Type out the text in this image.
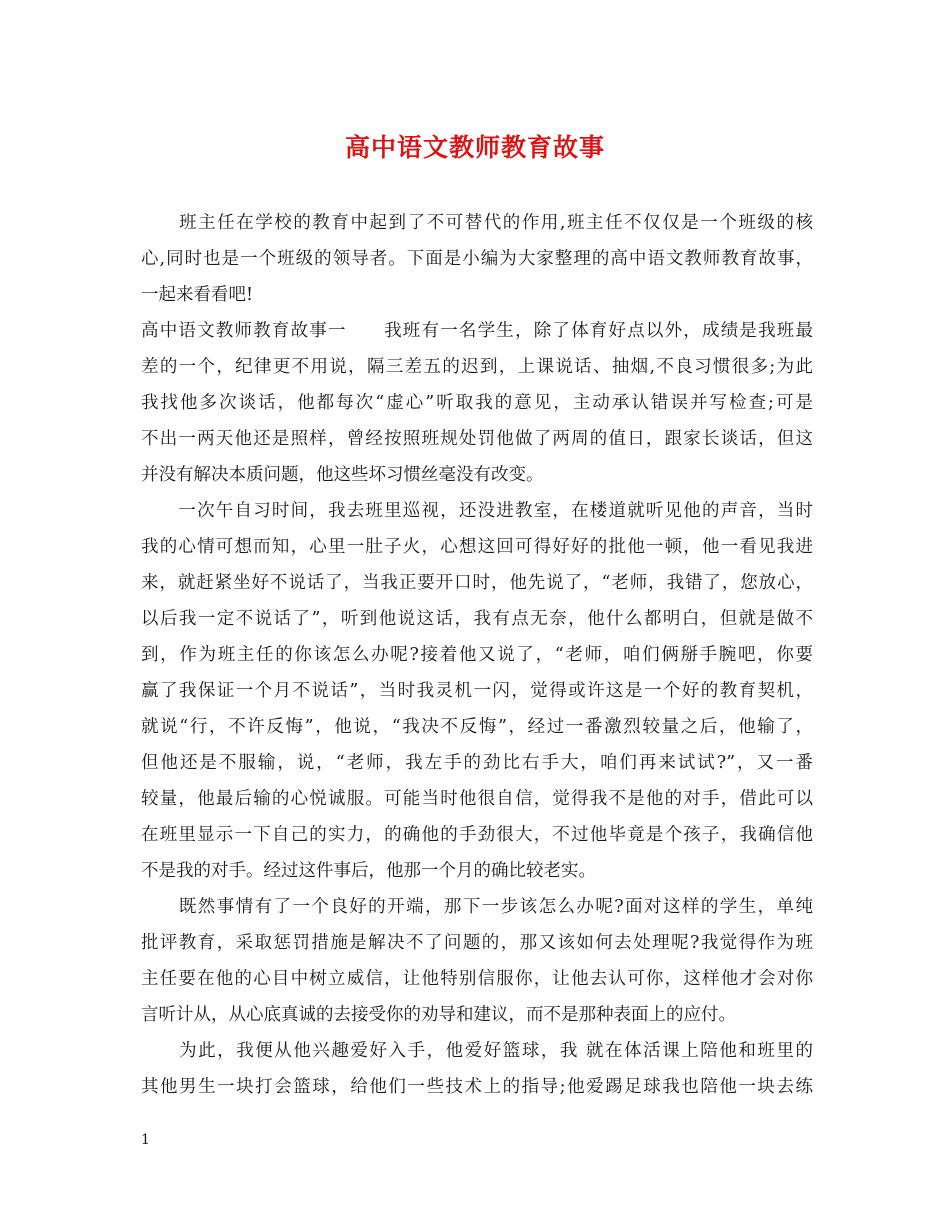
高中语文教师教育故事
　　班主任在学校的教育中起到了不可替代的作用,班主任不仅仅是一个班级的核
心,同时也是一个班级的领导者。下面是小编为大家整理的高中语文教师教育故事，
一起来看看吧!
高中语文教师教育故事一　　我班有一名学生，除了体育好点以外，成绩是我班最
差的一个，纪律更不用说，隔三差五的迟到，上课说话、抽烟,不良习惯很多;为此
我找他多次谈话，他都每次“虚心”听取我的意见，主动承认错误并写检查;可是
不出一两天他还是照样，曾经按照班规处罚他做了两周的值日，跟家长谈话，但这
并没有解决本质问题，他这些坏习惯丝毫没有改变。
　　一次午自习时间，我去班里巡视，还没进教室，在楼道就听见他的声音，当时
我的心情可想而知，心里一肚子火，心想这回可得好好的批他一顿，他一看见我进
来，就赶紧坐好不说话了，当我正要开口时，他先说了，“老师，我错了，您放心，
以后我一定不说话了”，听到他说这话，我有点无奈，他什么都明白，但就是做不
到，作为班主任的你该怎么办呢?接着他又说了，“老师，咱们俩掰手腕吧，你要
赢了我保证一个月不说话”，当时我灵机一闪，觉得或许这是一个好的教育契机，
就说“行，不许反悔”，他说，“我决不反悔”，经过一番激烈较量之后，他输了，
但他还是不服输，说，“老师，我左手的劲比右手大，咱们再来试试?”，又一番
较量，他最后输的心悦诚服。可能当时他很自信，觉得我不是他的对手，借此可以
在班里显示一下自己的实力，的确他的手劲很大，不过他毕竟是个孩子，我确信他
不是我的对手。经过这件事后，他那一个月的确比较老实。
　　既然事情有了一个良好的开端，那下一步该怎么办呢?面对这样的学生，单纯
批评教育，采取惩罚措施是解决不了问题的，那又该如何去处理呢?我觉得作为班
主任要在他的心目中树立威信，让他特别信服你，让他去认可你，这样他才会对你
言听计从，从心底真诚的去接受你的劝导和建议，而不是那种表面上的应付。
　　为此，我便从他兴趣爱好入手，他爱好篮球，我 就在体活课上陪他和班里的
其他男生一块打会篮球，给他们一些技术上的指导;他爱踢足球我也陪他一块去练
1
